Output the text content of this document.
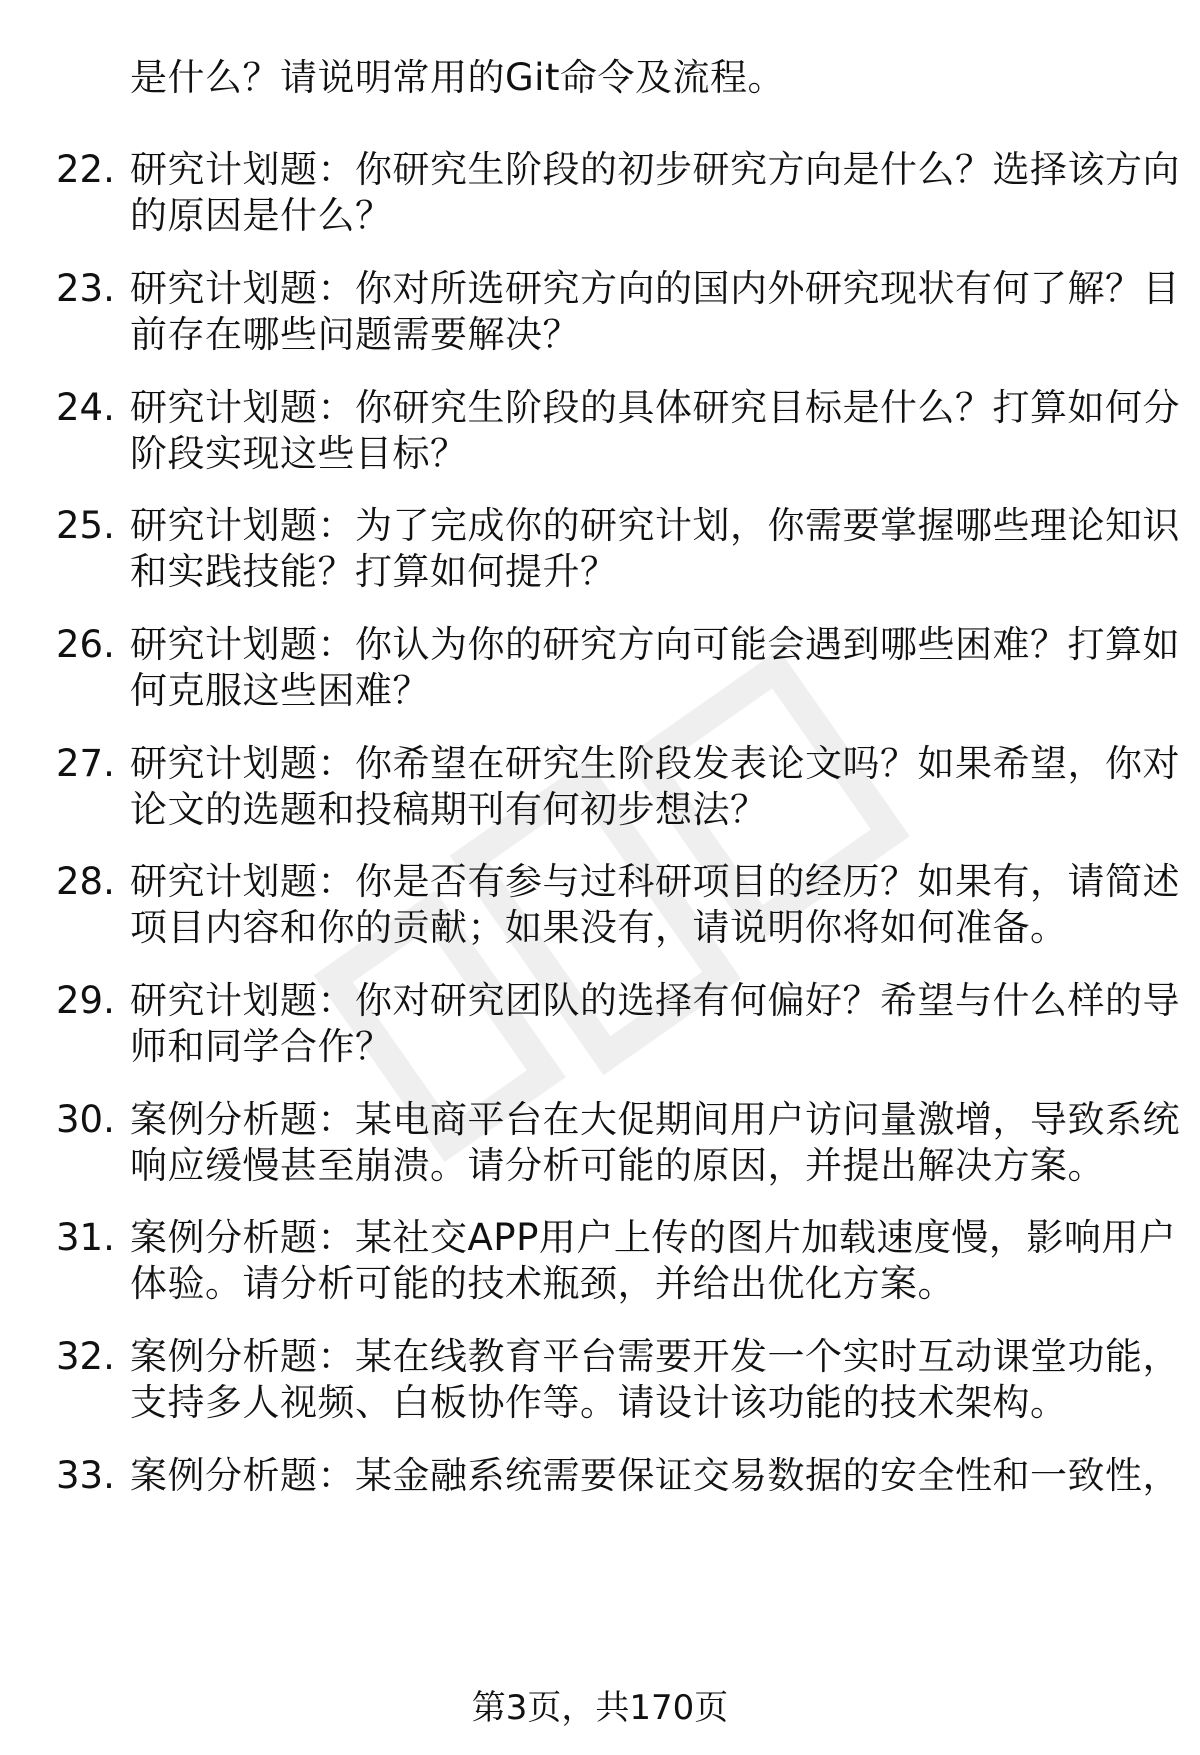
是什么？请说明常用的Git命令及流程。
22. 研究计划题：你研究生阶段的初步研究方向是什么？选择该方向
的原因是什么？
23. 研究计划题：你对所选研究方向的国内外研究现状有何了解？目
前存在哪些问题需要解决？
24. 研究计划题：你研究生阶段的具体研究目标是什么？打算如何分
阶段实现这些目标？
25. 研究计划题：为了完成你的研究计划，你需要掌握哪些理论知识
和实践技能？打算如何提升？
26. 研究计划题：你认为你的研究方向可能会遇到哪些困难？打算如
何克服这些困难？
27. 研究计划题：你希望在研究生阶段发表论文吗？如果希望，你对
论文的选题和投稿期刊有何初步想法？
28. 研究计划题：你是否有参与过科研项目的经历？如果有，请简述
项目内容和你的贡献；如果没有，请说明你将如何准备。
29. 研究计划题：你对研究团队的选择有何偏好？希望与什么样的导
师和同学合作？
30. 案例分析题：某电商平台在大促期间用户访问量激增，导致系统
响应缓慢甚至崩溃。请分析可能的原因，并提出解决方案。
31. 案例分析题：某社交APP用户上传的图片加载速度慢，影响用户
体验。请分析可能的技术瓶颈，并给出优化方案。
32. 案例分析题：某在线教育平台需要开发一个实时互动课堂功能，
支持多人视频、白板协作等。请设计该功能的技术架构。
33. 案例分析题：某金融系统需要保证交易数据的安全性和一致性，
第3页，共170页
